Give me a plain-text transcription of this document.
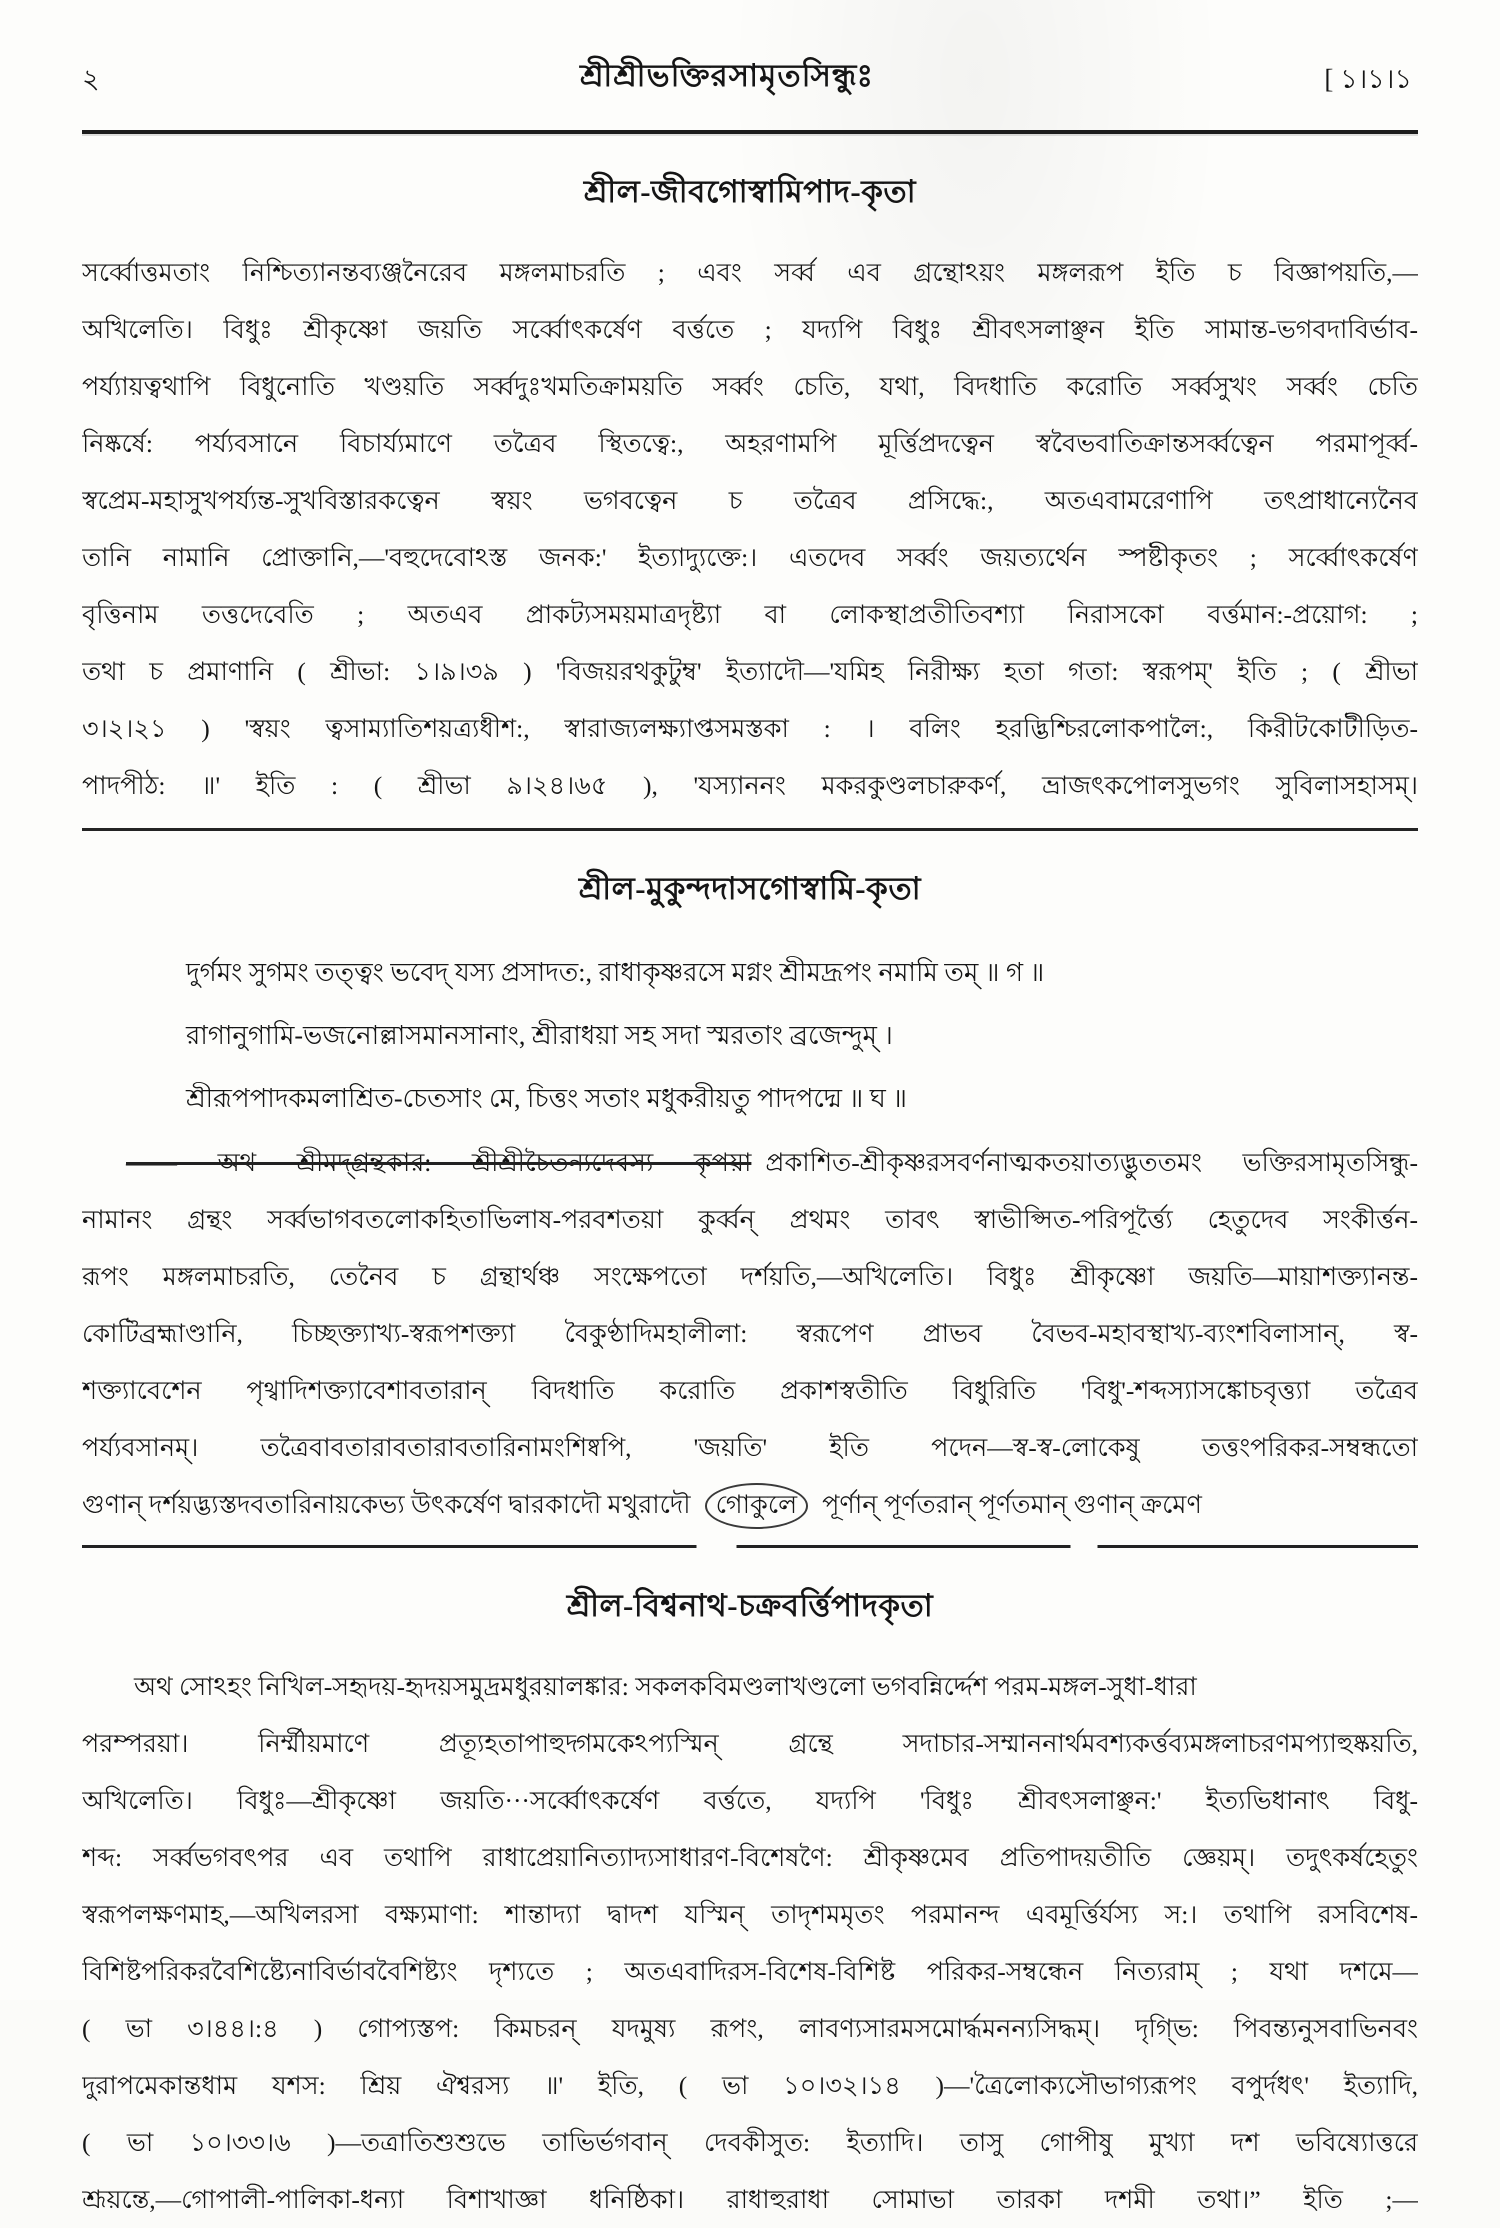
২	শ্রীশ্রীভক্তিরসামৃতসিন্ধুঃ	[ ১।১।১
শ্রীল-জীবগোস্বামিপাদ-কৃতা
সর্ব্বোত্তমতাং নিশ্চিত্যানন্তব্যঞ্জনৈরেব মঙ্গলমাচরতি ; এবং সর্ব্ব এব গ্রন্থোঽয়ং মঙ্গলরূপ ইতি চ বিজ্ঞাপয়তি,—
অখিলেতি। বিধুঃ শ্রীকৃষ্ণো জয়তি সর্ব্বোৎকর্ষেণ বর্ত্ততে ; যদ্যপি বিধুঃ শ্রীবৎসলাঞ্ছন ইতি সামান্ত-ভগবদাবির্ভাব-
পর্য্যায়ত্বথাপি বিধুনোতি খণ্ডয়তি সর্ব্বদুঃখমতিক্রাময়তি সর্ব্বং চেতি, যথা, বিদধাতি করোতি সর্ব্বসুখং সর্ব্বং চেতি
নিষ্কর্ষে: পর্য্যবসানে বিচার্য্যমাণে তত্রৈব স্থিতত্বে:, অহরণামপি মূর্ত্তিপ্রদত্বেন স্ববৈভবাতিক্রান্তসর্ব্বত্বেন পরমাপূর্ব্ব-
স্বপ্রেম-মহাসুখপর্য্যন্ত-সুখবিস্তারকত্বেন স্বয়ং ভগবত্বেন চ তত্রৈব প্রসিদ্ধে:, অতএবামরেণাপি তৎপ্রাধান্যেনৈব
তানি নামানি প্রোক্তানি,—'বহুদেবোঽস্ত জনক:' ইত্যাদ্যুক্তে:। এতদেব সর্ব্বং জয়ত্যর্থেন স্পষ্টীকৃতং ; সর্ব্বোৎকর্ষেণ
বৃত্তিনাম তত্তদেবেতি ; অতএব প্রাকট্যসময়মাত্রদৃষ্ট্যা বা লোকস্থাপ্রতীতিবশ্যা নিরাসকো বর্ত্তমান:-প্রয়োগ: ;
তথা চ প্রমাণানি ( শ্রীভা: ১।৯।৩৯ ) 'বিজয়রথকুটুম্ব' ইত্যাদৌ—'যমিহ নিরীক্ষ্য হতা গতা: স্বরূপম্' ইতি ; ( শ্রীভা
৩।২।২১ ) 'স্বয়ং ত্বসাম্যাতিশয়ত্র্যধীশ:, স্বারাজ্যলক্ষ্যাপ্তসমস্তকা : । বলিং হরদ্ভিশ্চিরলোকপালৈ:, কিরীটকোটীড়িত-
পাদপীঠ: ॥' ইতি : ( শ্রীভা ৯।২৪।৬৫ ), 'যস্যাননং মকরকুণ্ডলচারুকর্ণ, ভ্রাজৎকপোলসুভগং সুবিলাসহাসম্।
শ্রীল-মুকুন্দদাসগোস্বামি-কৃতা
দুর্গমং সুগমং তত্ত্বং ভবেদ্ যস্য প্রসাদত:, রাধাকৃষ্ণরসে মগ্নং শ্রীমদ্রূপং নমামি তম্ ॥ গ ॥
রাগানুগামি-ভজনোল্লাসমানসানাং, শ্রীরাধয়া সহ সদা স্মরতাং ব্রজেন্দুম্ ।
শ্রীরূপপাদকমলাশ্রিত-চেতসাং মে, চিত্তং সতাং মধুকরীয়তু পাদপদ্মে ॥ ঘ ॥
—— অথ শ্রীমদ্গ্রন্থকার: শ্রীশ্রীচৈতন্যদেবস্য কৃপয়া প্রকাশিত-শ্রীকৃষ্ণরসবর্ণনাত্মকতয়াত্যদ্ভুততমং ভক্তিরসামৃতসিন্ধু-
নামানং গ্রন্থং সর্ব্বভাগবতলোকহিতাভিলাষ-পরবশতয়া কুর্ব্বন্ প্রথমং তাবৎ স্বাভীপ্সিত-পরিপূর্ত্ত্যৈ হেতুদেব সংকীর্ত্তন-
রূপং মঙ্গলমাচরতি, তেনৈব চ গ্রন্থার্থঞ্চ সংক্ষেপতো দর্শয়তি,—অখিলেতি। বিধুঃ শ্রীকৃষ্ণো জয়তি—মায়াশক্ত্যানন্ত-
কোটিব্রহ্মাণ্ডানি, চিচ্ছক্ত্যাখ্য-স্বরূপশক্ত্যা বৈকুণ্ঠাদিমহালীলা: স্বরূপেণ প্রাভব বৈভব-মহাবস্থাখ্য-ব্যংশবিলাসান্, স্ব-
শক্ত্যাবেশেন পৃথ্বাদিশক্ত্যাবেশাবতারান্ বিদধাতি করোতি প্রকাশস্বতীতি বিধুরিতি 'বিধু'-শব্দস্যাসঙ্কোচবৃত্ত্যা তত্রৈব
পর্য্যবসানম্। তত্রৈবাবতারাবতারাবতারিনামংশিষ্বপি, 'জয়তি' ইতি পদেন—স্ব-স্ব-লোকেষু তত্তংপরিকর-সম্বন্ধতো
গুণান্ দর্শয়দ্ভ্যস্তদবতারিনায়কেভ্য উৎকর্ষেণ দ্বারকাদৌ মথুরাদৌ গোকুলে পূর্ণান্ পূর্ণতরান্ পূর্ণতমান্ গুণান্ ক্রমেণ
শ্রীল-বিশ্বনাথ-চক্রবর্ত্তিপাদকৃতা
অথ সোঽহং নিখিল-সহৃদয়-হৃদয়সমুদ্রমধুরয়ালঙ্কার: সকলকবিমণ্ডলাখণ্ডলো ভগবন্নির্দ্দেশ পরম-মঙ্গল-সুধা-ধারা
পরম্পরয়া। নির্ম্মীয়মাণে প্রত্যূহতাপাহুদ্গমকেঽপ্যস্মিন্ গ্রন্থে সদাচার-সম্মাননার্থমবশ্যকর্ত্তব্যমঙ্গলাচরণমপ্যাহুষ্কয়তি,
অখিলেতি। বিধুঃ—শ্রীকৃষ্ণো জয়তি···সর্ব্বোৎকর্ষেণ বর্ত্ততে, যদ্যপি 'বিধুঃ শ্রীবৎসলাঞ্ছন:' ইত্যভিধানাৎ বিধু-
শব্দ: সর্ব্বভগবৎপর এব তথাপি রাধাপ্রেয়ানিত্যাদ্যসাধারণ-বিশেষণৈ: শ্রীকৃষ্ণমেব প্রতিপাদয়তীতি জ্ঞেয়ম্। তদুৎকর্ষহেতুং
স্বরূপলক্ষণমাহ,—অখিলরসা বক্ষ্যমাণা: শান্তাদ্যা দ্বাদশ যস্মিন্ তাদৃশমমৃতং পরমানন্দ এবমূর্ত্তির্যস্য স:। তথাপি রসবিশেষ-
বিশিষ্টপরিকরবৈশিষ্ট্যেনাবির্ভাববৈশিষ্ট্যং দৃশ্যতে ; অতএবাদিরস-বিশেষ-বিশিষ্ট পরিকর-সম্বন্ধেন নিত্যরাম্ ; যথা দশমে—
( ভা ৩।৪৪।:৪ ) গোপ্যস্তপ: কিমচরন্ যদমুষ্য রূপং, লাবণ্যসারমসমোর্দ্ধমনন্যসিদ্ধম্। দৃগ্ভি: পিবন্ত্যনুসবাভিনবং
দুরাপমেকান্তধাম যশস: শ্রিয় ঐশ্বরস্য ॥' ইতি, ( ভা ১০।৩২।১৪ )—'ত্রৈলোক্যসৌভাগ্যরূপং বপুর্দধৎ' ইত্যাদি,
( ভা ১০।৩৩।৬ )—তত্রাতিশুশুভে তাভির্ভগবান্ দেবকীসুত: ইত্যাদি। তাসু গোপীষু মুখ্যা দশ ভবিষ্যোত্তরে
শ্রূয়ন্তে,—গোপালী-পালিকা-ধন্যা বিশাখাজ্ঞা ধনিষ্ঠিকা। রাধাহুরাধা সোমাভা তারকা দশমী তথা।” ইতি ;—
